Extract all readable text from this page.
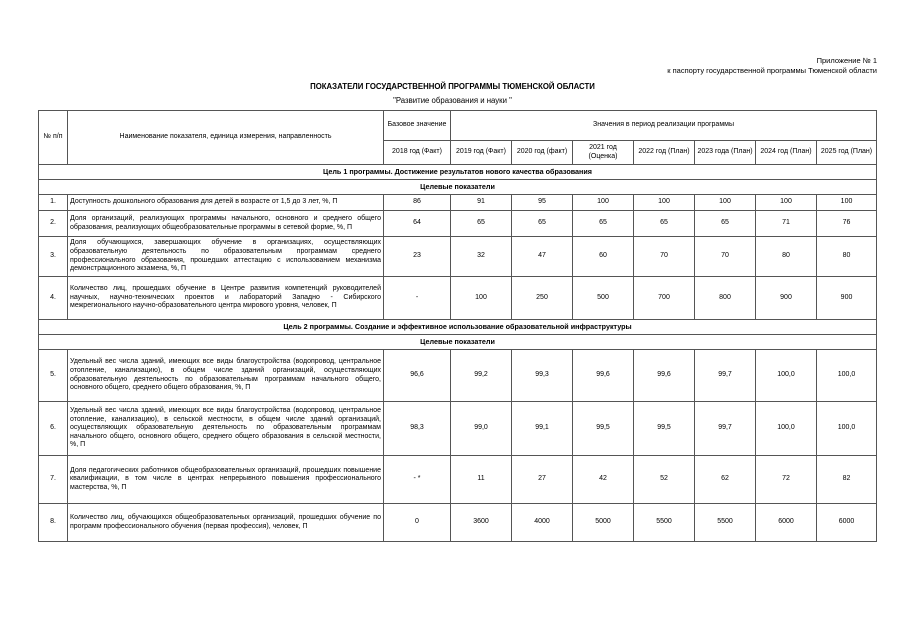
Приложение № 1
к паспорту государственной программы Тюменской области
ПОКАЗАТЕЛИ ГОСУДАРСТВЕННОЙ ПРОГРАММЫ ТЮМЕНСКОЙ ОБЛАСТИ
"Развитие образования и науки "
№ п/п	Наименование показателя, единица измерения, направленность	Базовое значение	Значения в период реализации программы						
		2018 год (Факт)	2019 год (Факт)	2020 год (факт)	2021 год (Оценка)	2022 год (План)	2023 года (План)	2024 год (План)	2025 год (План)
Цель 1 программы. Достижение результатов нового качества образования									
Целевые показатели									
1.	Доступность дошкольного образования для детей в возрасте от 1,5 до 3 лет, %, П	86	91	95	100	100	100	100	100
2.	Доля организаций, реализующих программы начального, основного и среднего общего образования, реализующих общеобразовательные программы в сетевой форме, %, П	64	65	65	65	65	65	71	76
3.	Доля обучающихся, завершающих обучение в организациях, осуществляющих образовательную деятельность по образовательным программам среднего профессионального образования, прошедших аттестацию с использованием механизма демонстрационного экзамена, %, П	23	32	47	60	70	70	80	80
4.	Количество лиц, прошедших обучение в Центре развития компетенций руководителей научных, научно-технических проектов и лабораторий Западно - Сибирского межрегионального научно-образовательного центра мирового уровня, человек, П	-	100	250	500	700	800	900	900
Цель 2 программы. Создание и эффективное использование образовательной инфраструктуры									
Целевые показатели									
5.	Удельный вес числа зданий, имеющих все виды благоустройства (водопровод, центральное отопление, канализацию), в общем числе зданий организаций, осуществляющих образовательную деятельность по образовательным программам начального общего, основного общего, среднего общего образования, %, П	96,6	99,2	99,3	99,6	99,6	99,7	100,0	100,0
6.	Удельный вес числа зданий, имеющих все виды благоустройства (водопровод, центральное отопление, канализацию), в сельской местности, в общем числе зданий организаций, осуществляющих образовательную деятельность по образовательным программам начального общего, основного общего, среднего общего образования в сельской местности, %, П	98,3	99,0	99,1	99,5	99,5	99,7	100,0	100,0
7.	Доля педагогических работников общеобразовательных организаций, прошедших повышение квалификации, в том числе в центрах непрерывного повышения профессионального мастерства, %, П	- *	11	27	42	52	62	72	82
8.	Количество лиц, обучающихся общеобразовательных организаций, прошедших обучение по программ профессионального обучения (первая профессия), человек, П	0	3600	4000	5000	5500	5500	6000	6000
